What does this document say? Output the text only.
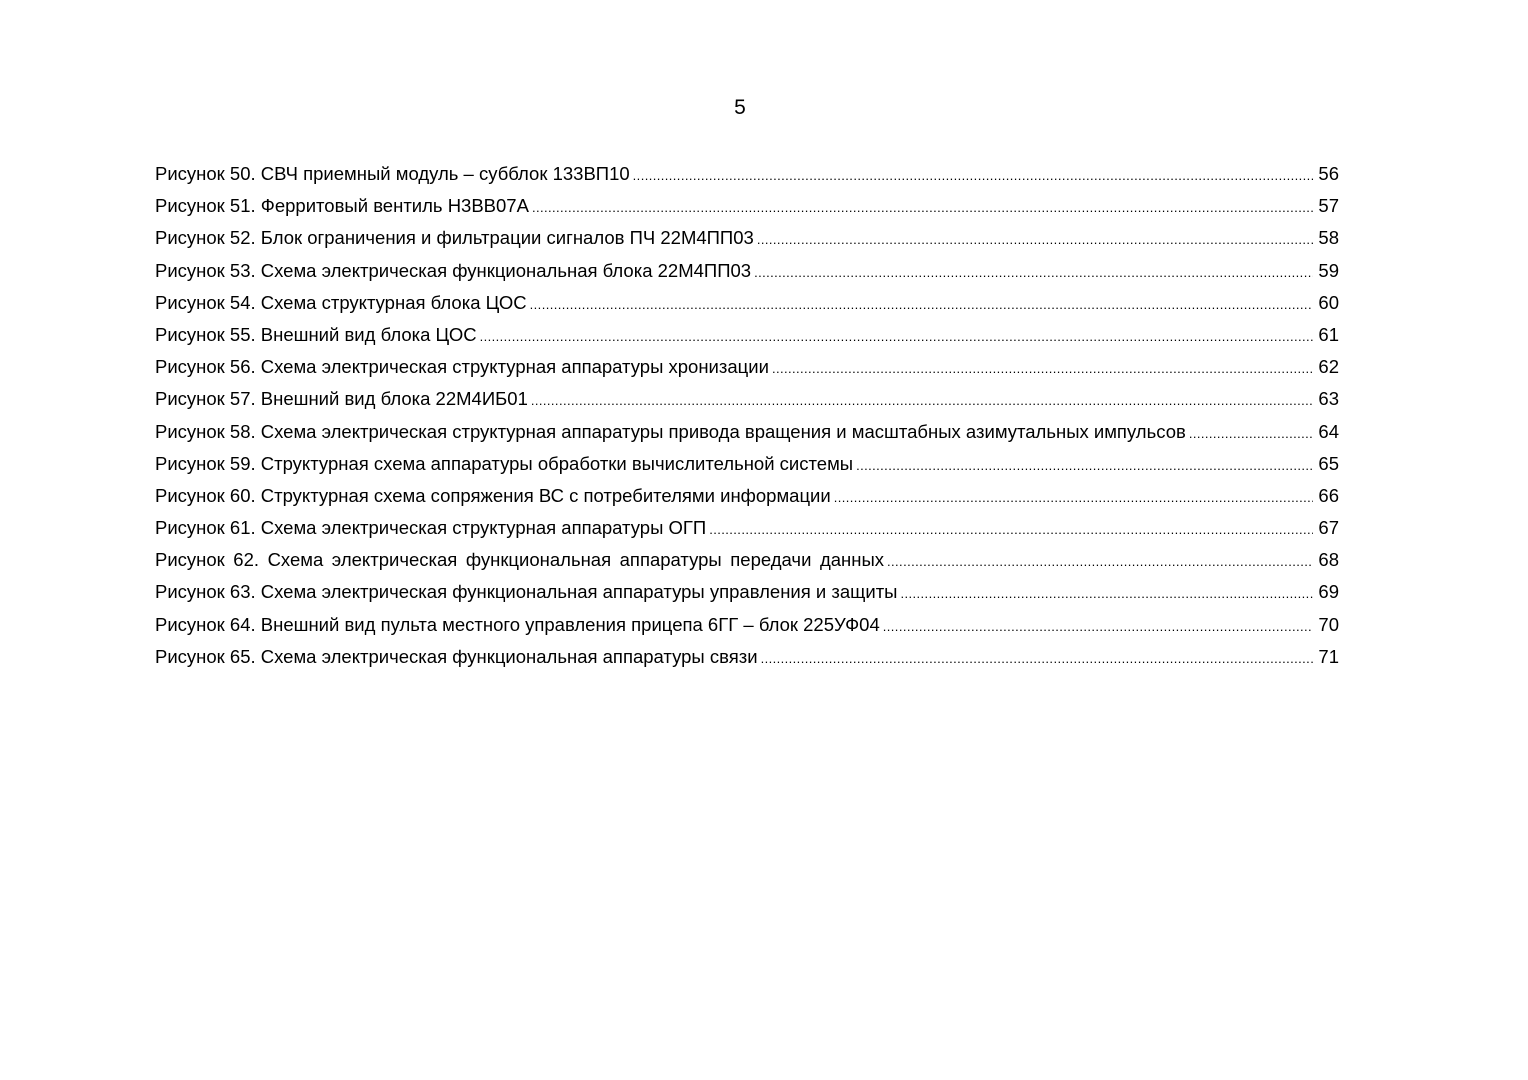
5
Рисунок 50. СВЧ приемный модуль – субблок 133ВП10 .....	56
Рисунок 51. Ферритовый вентиль Н3ВВ07А .....	57
Рисунок 52. Блок ограничения и фильтрации сигналов ПЧ 22М4ПП03 .....	58
Рисунок 53. Схема электрическая функциональная блока 22М4ПП03 .....	59
Рисунок 54. Схема структурная блока ЦОС .....	60
Рисунок 55. Внешний вид блока ЦОС .....	61
Рисунок 56. Схема электрическая структурная аппаратуры хронизации .....	62
Рисунок 57. Внешний вид блока 22М4ИБ01 .....	63
Рисунок 58. Схема электрическая структурная аппаратуры привода вращения и масштабных азимутальных импульсов .....	64
Рисунок 59. Структурная схема аппаратуры обработки вычислительной системы .....	65
Рисунок 60. Структурная схема сопряжения ВС с потребителями информации .....	66
Рисунок 61. Схема электрическая структурная аппаратуры ОГП .....	67
Рисунок 62. Схема электрическая функциональная аппаратуры передачи данных .....	68
Рисунок 63. Схема электрическая функциональная аппаратуры управления и защиты .....	69
Рисунок 64. Внешний вид пульта местного управления прицепа 6ГГ – блок 225УФ04 .....	70
Рисунок 65. Схема электрическая функциональная аппаратуры связи .....	71
